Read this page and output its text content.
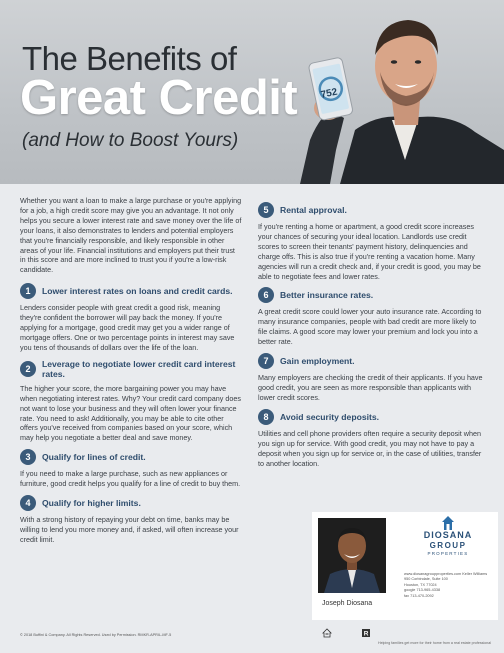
The Benefits of
Great Credit
(and How to Boost Yours)
752

Whether you want a loan to make a large purchase or you're applying for a job, a high credit score may give you an advantage. It not only helps you secure a lower interest rate and save money over the life of your loans, it also demonstrates to lenders and potential employers that you're financially responsible, and likely responsible in other areas of your life. Financial institutions and employers put their trust in this score and are more inclined to trust you if you're a low-risk candidate.

1	Lower interest rates on loans and credit cards.

Lenders consider people with great credit a good risk, meaning they're confident the borrower will pay back the money. If you're applying for a mortgage, good credit may get you a wider range of mortgage offers. One or two percentage points in interest may save you tens of thousands of dollars over the life of the loan.

2
Leverage to negotiate lower credit card interest rates.

The higher your score, the more bargaining power you may have when negotiating interest rates. Why? Your credit card company does not want to lose your business and they will often lower your finance rate. You need to ask! Additionally, you may be able to cite other offers you've received from companies based on your score, which may help you negotiate a better deal and save money.

3	Qualify for lines of credit.

If you need to make a large purchase, such as new appliances or furniture, good credit helps you qualify for a line of credit to buy them.

4	Qualify for higher limits.

With a strong history of repaying your debt on time, banks may be willing to lend you more money and, if asked, will often increase your credit limit.

5	Rental approval.

If you're renting a home or apartment, a good credit score increases your chances of securing your ideal location. Landlords use credit scores to screen their tenants' payment history, delinquencies and charge offs. This is also true if you're renting a vacation home. Many agencies will run a credit check and, if your credit is good, you may be able to negotiate fees and lower rates.

6	Better insurance rates.

A great credit score could lower your auto insurance rate. According to many insurance companies, people with bad credit are more likely to file claims. A good score may lower your premium and lock you into a better rate.

7	Gain employment.

Many employers are checking the credit of their applicants. If you have good credit, you are seen as more responsible than applicants with lower credit scores.

8	Avoid security deposits.

Utilities and cell phone providers often require a security deposit when you sign up for service. With good credit, you may not have to pay a deposit when you sign up for service or, in the case of utilities, transfer to another location.

Joseph Diosana
DIOSANA
GROUP
PROPERTIES
www.diosanagroupproperties.com Keller Williams
950 Corbindale, Suite 100
Houston, TX 77024
google 713-965-4338
fax 713-470-2092
© 2018 Buffini & Company. All Rights Reserved. Used by Permission. RMKR-APRIL-MF-5	R
Helping families get more for their home from a real estate professional
